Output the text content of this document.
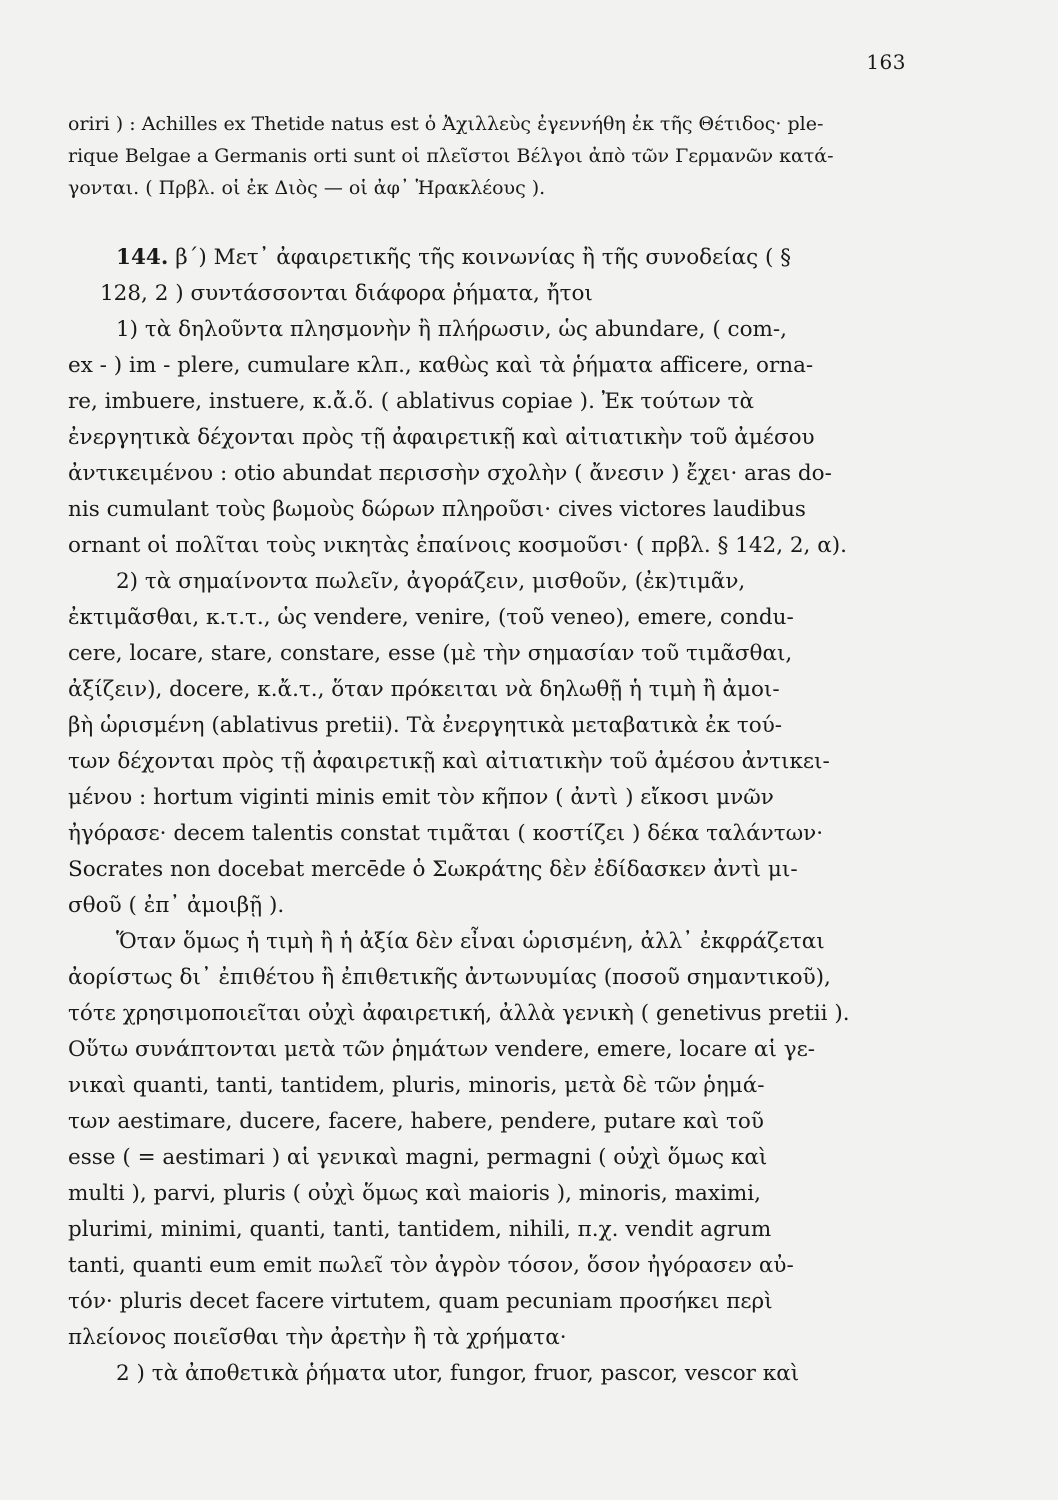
163
oriri ) : Achilles ex Thetide natus est ὁ Ἀχιλλεὺς ἐγεννήθη ἐκ τῆς Θέτιδος· ple-
rique Belgae a Germanis orti sunt οἱ πλεῖστοι Βέλγοι ἀπὸ τῶν Γερμανῶν κατά-
γονται. ( Πρβλ. οἱ ἐκ Διὸς — οἱ ἀφ᾽ Ἡρακλέους ).
144. β΄) Μετ᾽ ἀφαιρετικῆς τῆς κοινωνίας ἢ τῆς συνοδείας ( §
128, 2 ) συντάσσονται διάφορα ῥήματα, ἤτοι
1) τὰ δηλοῦντα πλησμονὴν ἢ πλήρωσιν, ὡς abundare, ( com-,
ex - ) im - plere, cumulare κλπ., καθὼς καὶ τὰ ῥήματα afficere, orna-
re, imbuere, instuere, κ.ἄ.ὅ. ( ablativus copiae ). Ἐκ τούτων τὰ
ἐνεργητικὰ δέχονται πρὸς τῇ ἀφαιρετικῇ καὶ αἰτιατικὴν τοῦ ἀμέσου
ἀντικειμένου : otio abundat περισσὴν σχολὴν ( ἄνεσιν ) ἔχει· aras do-
nis cumulant τοὺς βωμοὺς δώρων πληροῦσι· cives victores laudibus
ornant οἱ πολῖται τοὺς νικητὰς ἐπαίνοις κοσμοῦσι· ( πρβλ. § 142, 2, α).
2) τὰ σημαίνοντα πωλεῖν, ἀγοράζειν, μισθοῦν, (ἐκ)τιμᾶν,
ἐκτιμᾶσθαι, κ.τ.τ., ὡς vendere, venire, (τοῦ veneo), emere, condu-
cere, locare, stare, constare, esse (μὲ τὴν σημασίαν τοῦ τιμᾶσθαι,
ἀξίζειν), docere, κ.ἄ.τ., ὅταν πρόκειται νὰ δηλωθῇ ἡ τιμὴ ἢ ἀμοι-
βὴ ὡρισμένη (ablativus pretii). Τὰ ἐνεργητικὰ μεταβατικὰ ἐκ τού-
των δέχονται πρὸς τῇ ἀφαιρετικῇ καὶ αἰτιατικὴν τοῦ ἀμέσου ἀντικει-
μένου : hortum viginti minis emit τὸν κῆπον ( ἀντὶ ) εἴκοσι μνῶν
ἠγόρασε· decem talentis constat τιμᾶται ( κοστίζει ) δέκα ταλάντων·
Socrates non docebat mercēde ὁ Σωκράτης δὲν ἐδίδασκεν ἀντὶ μι-
σθοῦ ( ἐπ᾽ ἀμοιβῇ ).
Ὅταν ὅμως ἡ τιμὴ ἢ ἡ ἀξία δὲν εἶναι ὡρισμένη, ἀλλ᾽ ἐκφράζεται
ἀορίστως δι᾽ ἐπιθέτου ἢ ἐπιθετικῆς ἀντωνυμίας (ποσοῦ σημαντικοῦ),
τότε χρησιμοποιεῖται οὐχὶ ἀφαιρετική, ἀλλὰ γενικὴ ( genetivus pretii ).
Οὕτω συνάπτονται μετὰ τῶν ῥημάτων vendere, emere, locare αἱ γε-
νικαὶ quanti, tanti, tantidem, pluris, minoris, μετὰ δὲ τῶν ῥημά-
των aestimare, ducere, facere, habere, pendere, putare καὶ τοῦ
esse ( = aestimari ) αἱ γενικαὶ magni, permagni ( οὐχὶ ὅμως καὶ
multi ), parvi, pluris ( οὐχὶ ὅμως καὶ maioris ), minoris, maximi,
plurimi, minimi, quanti, tanti, tantidem, nihili, π.χ. vendit agrum
tanti, quanti eum emit πωλεῖ τὸν ἀγρὸν τόσον, ὅσον ἠγόρασεν αὐ-
τόν· pluris decet facere virtutem, quam pecuniam προσήκει περὶ
πλείονος ποιεῖσθαι τὴν ἀρετὴν ἢ τὰ χρήματα·
2 ) τὰ ἀποθετικὰ ῥήματα utor, fungor, fruor, pascor, vescor καὶ
